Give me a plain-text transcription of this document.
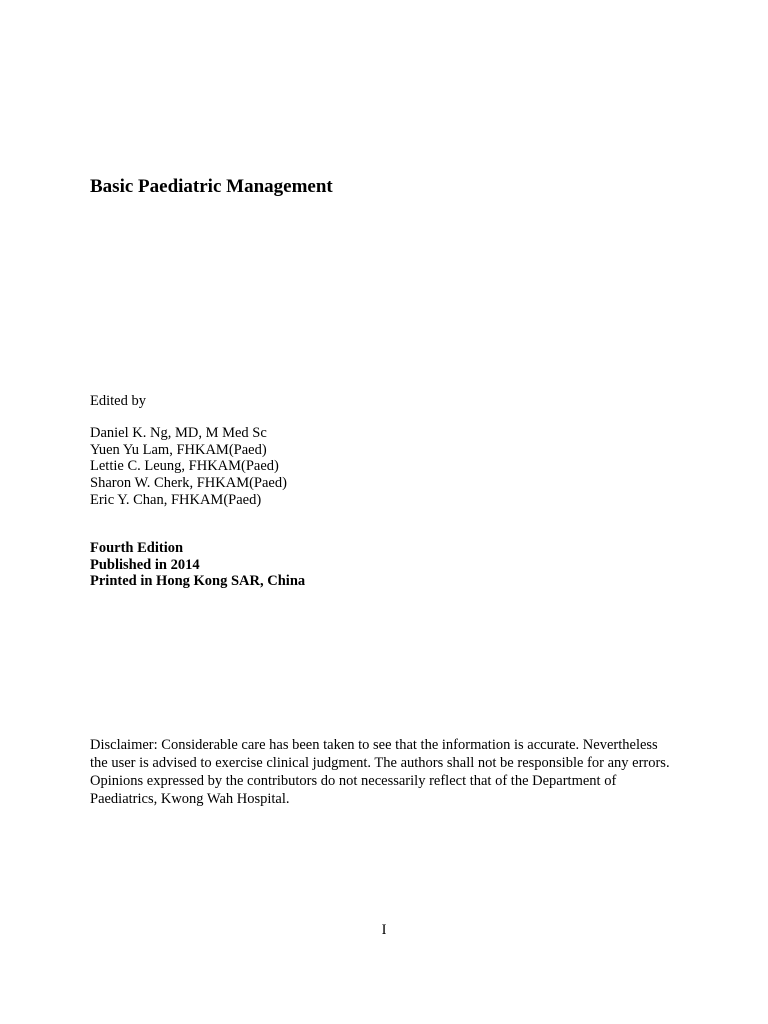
Basic Paediatric Management
Edited by
Daniel K. Ng, MD, M Med Sc
Yuen Yu Lam, FHKAM(Paed)
Lettie C. Leung, FHKAM(Paed)
Sharon W. Cherk, FHKAM(Paed)
Eric Y. Chan, FHKAM(Paed)
Fourth Edition
Published in 2014
Printed in Hong Kong SAR, China
Disclaimer: Considerable care has been taken to see that the information is accurate. Nevertheless
the user is advised to exercise clinical judgment. The authors shall not be responsible for any errors.
Opinions expressed by the contributors do not necessarily reflect that of the Department of
Paediatrics, Kwong Wah Hospital.
I
